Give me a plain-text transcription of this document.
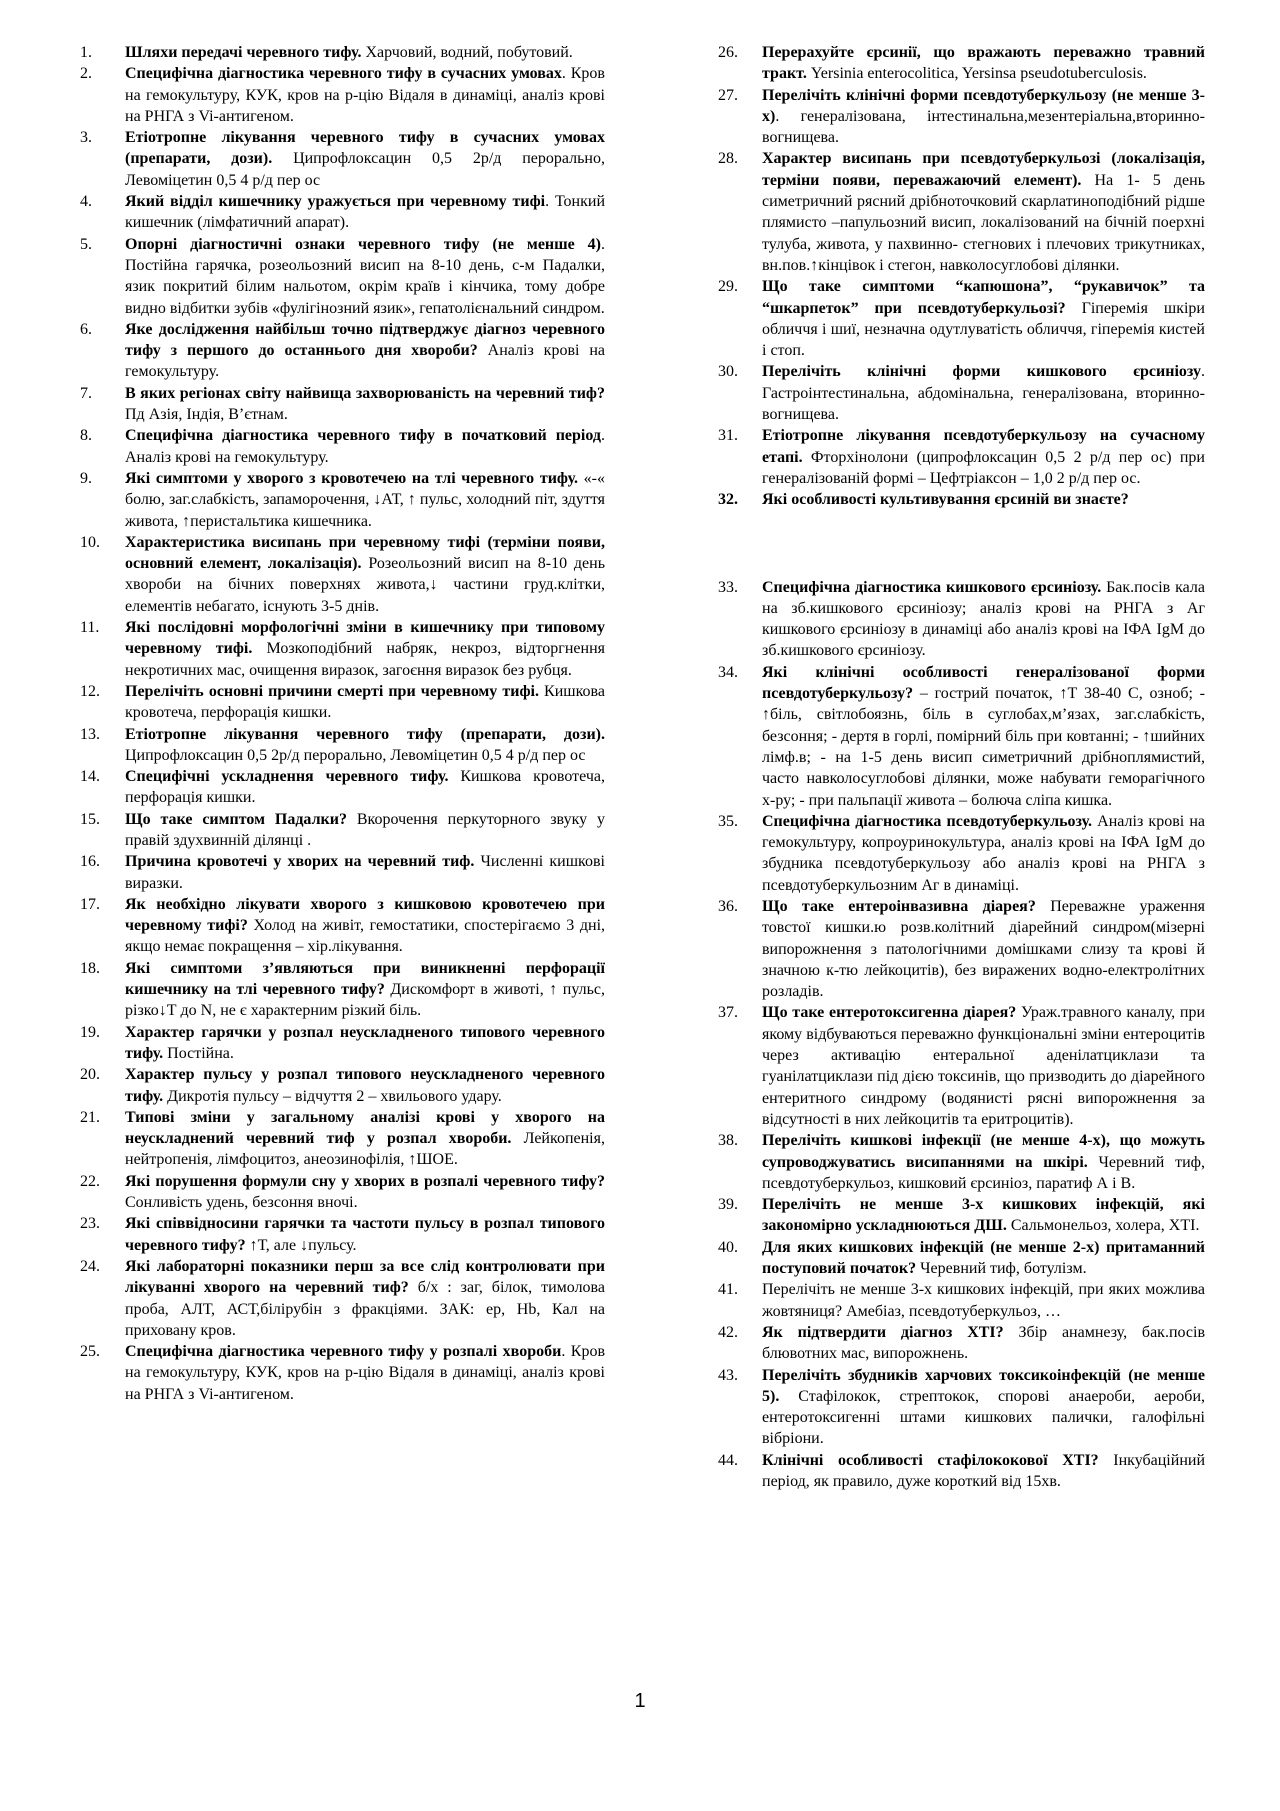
1.	Шляхи передачі черевного тифу. Харчовий, водний, побутовий.
2.	Специфічна діагностика черевного тифу в сучасних умовах. Кров на гемокультуру, КУК, кров на р-цію Відаля в динаміці, аналіз крові на РНГА з Vi-антигеном.
3.	Етіотропне лікування черевного тифу в сучасних умовах (препарати, дози). Ципрофлоксацин 0,5 2р/д перорально, Левоміцетин 0,5 4 р/д пер ос
4.	Який відділ кишечнику уражується при черевному тифі. Тонкий кишечник (лімфатичний апарат).
5.	Опорні діагностичні ознаки черевного тифу (не менше 4). Постійна гарячка, розеольозний висип на 8-10 день, с-м Падалки, язик покритий білим нальотом, окрім країв і кінчика, тому добре видно відбитки зубів «фулігінозний язик», гепатолієнальний синдром.
6.	Яке дослідження найбільш точно підтверджує діагноз черевного тифу з першого до останнього дня хвороби? Аналіз крові на гемокультуру.
7.	В яких регіонах світу найвища захворюваність на черевний тиф? Пд Азія, Індія, В’єтнам.
8.	Специфічна діагностика черевного тифу в початковий період. Аналіз крові на гемокультуру.
9.	Які симптоми у хворого з кровотечею на тлі черевного тифу. «-« болю, заг.слабкість, запаморочення, ↓АТ, ↑ пульс, холодний піт, здуття живота, ↑перистальтика кишечника.
10.	Характеристика висипань при черевному тифі (терміни появи, основний елемент, локалізація). Розеольозний висип на 8-10 день хвороби на бічних поверхнях живота,↓ частини груд.клітки, елементів небагато, існують 3-5 днів.
11.	Які послідовні морфологічні зміни в кишечнику при типовому черевному тифі. Мозкоподібний набряк, некроз, відторгнення некротичних мас, очищення виразок, загоєння виразок без рубця.
12.	Перелічіть основні причини смерті при черевному тифі. Кишкова кровотеча, перфорація кишки.
13.	Етіотропне лікування черевного тифу (препарати, дози). Ципрофлоксацин 0,5 2р/д перорально, Левоміцетин 0,5 4 р/д пер ос
14.	Специфічні ускладнення черевного тифу. Кишкова кровотеча, перфорація кишки.
15.	Що таке симптом Падалки? Вкорочення перкуторного звуку у правій здухвинній ділянці .
16.	Причина кровотечі у хворих на черевний тиф. Численні кишкові виразки.
17.	Як необхідно лікувати хворого з кишковою кровотечею при черевному тифі? Холод на живіт, гемостатики, спостерігаємо 3 дні, якщо немає покращення – хір.лікування.
18.	Які симптоми з’являються при виникненні перфорації кишечнику на тлі черевного тифу? Дискомфорт в животі, ↑ пульс, різко↓Т до N, не є характерним різкий біль.
19.	Характер гарячки у розпал неускладненого типового черевного тифу. Постійна.
20.	Характер пульсу у розпал типового неускладненого черевного тифу. Дикротія пульсу – відчуття 2 – хвильового удару.
21.	Типові зміни у загальному аналізі крові у хворого на неускладнений черевний тиф у розпал хвороби. Лейкопенія, нейтропенія, лімфоцитоз, анеозинофілія, ↑ШОЕ.
22.	Які порушення формули сну у хворих в розпалі черевного тифу? Сонливість удень, безсоння вночі.
23.	Які співвідносини гарячки та частоти пульсу в розпал типового черевного тифу? ↑Т, але ↓пульсу.
24.	Які лабораторні показники перш за все слід контролювати при лікуванні хворого на черевний тиф? б/х : заг, білок, тимолова проба, АЛТ, АСТ,білірубін з фракціями. ЗАК: ер, Hb, Кал на приховану кров.
25.	Специфічна діагностика черевного тифу у розпалі хвороби. Кров на гемокультуру, КУК, кров на р-цію Відаля в динаміці, аналіз крові на РНГА з Vi-антигеном.
26.	Перерахуйте єрсинії, що вражають переважно травний тракт. Yersinia enterocolitica, Yersinsa pseudotuberculosis.
27.	Перелічіть клінічні форми псевдотуберкульозу (не менше 3-х). генералізована, інтестинальна,мезентеріальна,вторинно-вогнищева.
28.	Характер висипань при псевдотуберкульозі (локалізація, терміни появи, переважаючий елемент). На 1- 5 день симетричний рясний дрібноточковий скарлатиноподібний рідше плямисто –папульозний висип, локалізований на бічній поерхні тулуба, живота, у пахвинно- стегнових і плечових трикутниках, вн.пов.↑кінцівок і стегон, навколосуглобові ділянки.
29.	Що таке симптоми “капюшона”, “рукавичок” та “шкарпеток” при псевдотуберкульозі? Гіперемія шкіри обличчя і шиї, незначна одутлуватість обличчя, гіперемія кистей і стоп.
30.	Перелічіть клінічні форми кишкового єрсиніозу. Гастроінтестинальна, абдомінальна, генералізована, вторинно-вогнищева.
31.	Етіотропне лікування псевдотуберкульозу на сучасному етапі. Фторхінолони (ципрофлоксацин 0,5 2 р/д пер ос) при генералізованій формі – Цефтріаксон – 1,0 2 р/д пер ос.
32.	Які особливості культивування єрсиній ви знаєте?
33.	Специфічна діагностика кишкового єрсиніозу. Бак.посів кала на зб.кишкового єрсиніозу; аналіз крові на РНГА з Аг кишкового єрсиніозу в динаміці або аналіз крові на ІФА IgM до зб.кишкового єрсиніозу.
34.	Які клінічні особливості генералізованої форми псевдотуберкульозу? – гострий початок, ↑Т 38-40 С, озноб; - ↑біль, світлобоязнь, біль в суглобах,м’язах, заг.слабкість, безсоння; - дертя в горлі, помірний біль при ковтанні; - ↑шийних лімф.в; - на 1-5 день висип симетричний дрібноплямистий, часто навколосуглобові ділянки, може набувати геморагічного х-ру; - при пальпації живота – болюча сліпа кишка.
35.	Специфічна діагностика псевдотуберкульозу. Аналіз крові на гемокультуру, копроуринокультура, аналіз крові на ІФА IgM до збудника псевдотуберкульозу або аналіз крові на РНГА з псевдотуберкульозним Аг в динаміці.
36.	Що таке ентероінвазивна діарея? Переважне ураження товстої кишки.ю розв.колітний діарейний синдром(мізерні випорожнення з патологічними домішками слизу та крові й значною к-тю лейкоцитів), без виражених водно-електролітних розладів.
37.	Що таке ентеротоксигенна діарея? Ураж.травного каналу, при якому відбуваються переважно функціональні зміни ентероцитів через активацію ентеральної аденілатциклази та гуанілатциклази під дією токсинів, що призводить до діарейного ентеритного синдрому (водянисті рясні випорожнення за відсутності в них лейкоцитів та еритроцитів).
38.	Перелічіть кишкові інфекції (не менше 4-х), що можуть супроводжуватись висипаннями на шкірі. Черевний тиф, псевдотуберкульоз, кишковий єрсиніоз, паратиф А і В.
39.	Перелічіть не менше 3-х кишкових інфекцій, які закономірно ускладнюються ДШ. Сальмонельоз, холера, ХТІ.
40.	Для яких кишкових інфекцій (не менше 2-х) притаманний поступовий початок? Черевний тиф, ботулізм.
41.	Перелічіть не менше 3-х кишкових інфекцій, при яких можлива жовтяниця? Амебіаз, псевдотуберкульоз, …
42.	Як підтвердити діагноз ХТІ? Збір анамнезу, бак.посів блювотних мас, випорожнень.
43.	Перелічіть збудників харчових токсикоінфекцій (не менше 5). Стафілокок, стрептокок, спорові анаероби, аероби, ентеротоксигенні штами кишкових палички, галофільні вібріони.
44.	Клінічні особливості стафілококової ХТІ? Інкубаційний період, як правило, дуже короткий від 15хв.
1
